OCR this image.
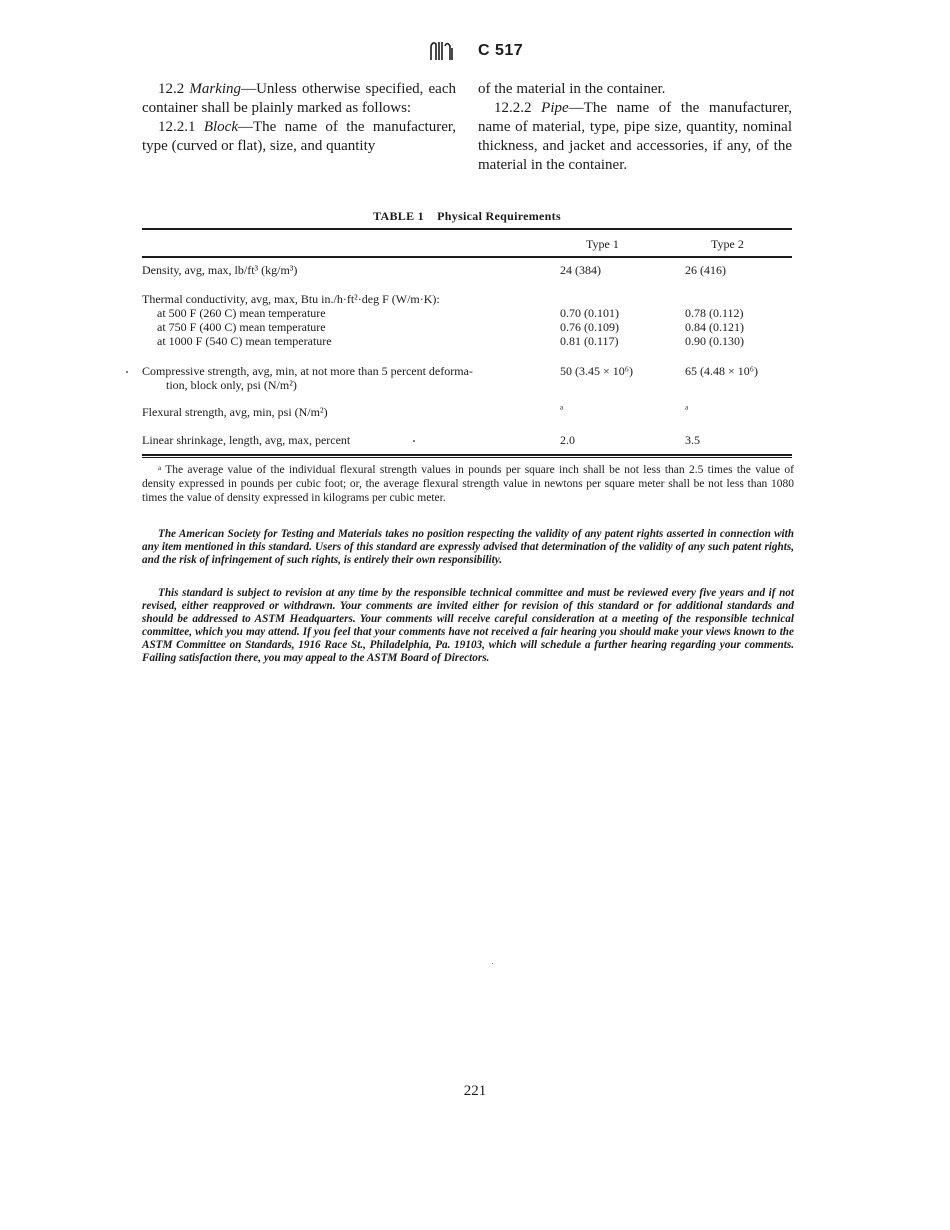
C 517

12.2 Marking—Unless otherwise specified, each container shall be plainly marked as follows:

12.2.1 Block—The name of the manufacturer, type (curved or flat), size, and quantity

of the material in the container.

12.2.2 Pipe—The name of the manufacturer, name of material, type, pipe size, quantity, nominal thickness, and jacket and accessories, if any, of the material in the container.

TABLE 1    Physical Requirements
Type 1	Type 2
Density, avg, max, lb/ft³ (kg/m³)	24 (384)	26 (416)
Thermal conductivity, avg, max, Btu in./h·ft²·deg F (W/m·K):
at 500 F (260 C) mean temperature	0.70 (0.101)	0.78 (0.112)
at 750 F (400 C) mean temperature	0.76 (0.109)	0.84 (0.121)
at 1000 F (540 C) mean temperature	0.81 (0.117)	0.90 (0.130)
Compressive strength, avg, min, at not more than 5 percent deforma-	50 (3.45 × 10⁶)	65 (4.48 × 10⁶)
tion, block only, psi (N/m²)
Flexural strength, avg, min, psi (N/m²)	ᵃ	ᵃ
Linear shrinkage, length, avg, max, percent	2.0	3.5
ᵃ The average value of the individual flexural strength values in pounds per square inch shall be not less than 2.5 times the value of density expressed in pounds per cubic foot; or, the average flexural strength value in newtons per square meter shall be not less than 1080 times the value of density expressed in kilograms per cubic meter.
The American Society for Testing and Materials takes no position respecting the validity of any patent rights asserted in connection with any item mentioned in this standard. Users of this standard are expressly advised that determination of the validity of any such patent rights, and the risk of infringement of such rights, is entirely their own responsibility.
This standard is subject to revision at any time by the responsible technical committee and must be reviewed every five years and if not revised, either reapproved or withdrawn. Your comments are invited either for revision of this standard or for additional standards and should be addressed to ASTM Headquarters. Your comments will receive careful consideration at a meeting of the responsible technical committee, which you may attend. If you feel that your comments have not received a fair hearing you should make your views known to the ASTM Committee on Standards, 1916 Race St., Philadelphia, Pa. 19103, which will schedule a further hearing regarding your comments. Failing satisfaction there, you may appeal to the ASTM Board of Directors.
221
